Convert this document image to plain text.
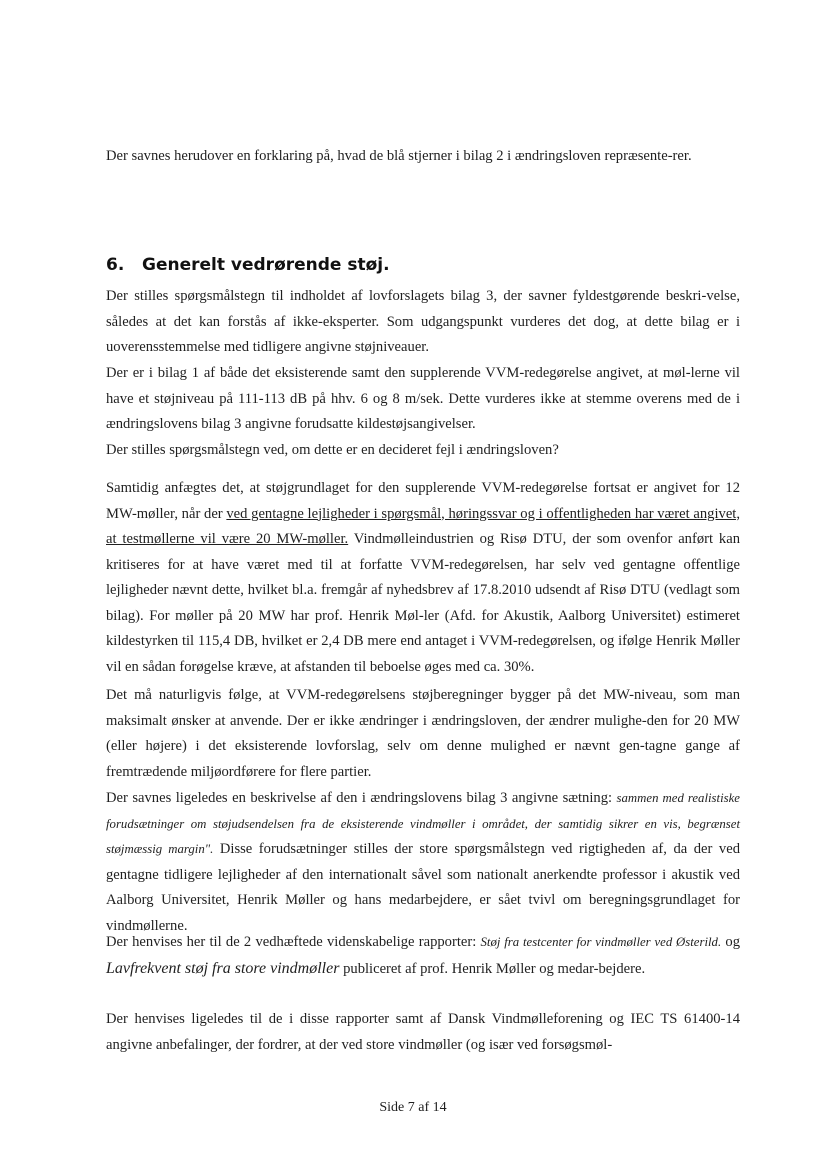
Der savnes herudover en forklaring på, hvad de blå stjerner i bilag 2 i ændringsloven repræsente-rer.

6. Generelt vedrørende støj.

Der stilles spørgsmålstegn til indholdet af lovforslagets bilag 3, der savner fyldestgørende beskri-velse, således at det kan forstås af ikke-eksperter. Som udgangspunkt vurderes det dog, at dette bilag er i uoverensstemmelse med tidligere angivne støjniveauer.

Der er i bilag 1 af både det eksisterende samt den supplerende VVM-redegørelse angivet, at møl-lerne vil have et støjniveau på 111-113 dB på hhv. 6 og 8 m/sek. Dette vurderes ikke at stemme overens med de i ændringslovens bilag 3 angivne forudsatte kildestøjsangivelser.

Der stilles spørgsmålstegn ved, om dette er en decideret fejl i ændringsloven?

Samtidig anfægtes det, at støjgrundlaget for den supplerende VVM-redegørelse fortsat er angivet for 12 MW-møller, når der ved gentagne lejligheder i spørgsmål, høringssvar og i offentligheden har været angivet, at testmøllerne vil være 20 MW-møller. Vindmølleindustrien og Risø DTU, der som ovenfor anført kan kritiseres for at have været med til at forfatte VVM-redegørelsen, har selv ved gentagne offentlige lejligheder nævnt dette, hvilket bl.a. fremgår af nyhedsbrev af 17.8.2010 udsendt af Risø DTU (vedlagt som bilag). For møller på 20 MW har prof. Henrik Møl-ler (Afd. for Akustik, Aalborg Universitet) estimeret kildestyrken til 115,4 DB, hvilket er 2,4 DB mere end antaget i VVM-redegørelsen, og ifølge Henrik Møller vil en sådan forøgelse kræve, at afstanden til beboelse øges med ca. 30%.

Det må naturligvis følge, at VVM-redegørelsens støjberegninger bygger på det MW-niveau, som man maksimalt ønsker at anvende. Der er ikke ændringer i ændringsloven, der ændrer mulighe-den for 20 MW (eller højere) i det eksisterende lovforslag, selv om denne mulighed er nævnt gen-tagne gange af fremtrædende miljøordførere for flere partier.

Der savnes ligeledes en beskrivelse af den i ændringslovens bilag 3 angivne sætning: sammen med realistiske forudsætninger om støjudsendelsen fra de eksisterende vindmøller i området, der samtidig sikrer en vis, begrænset støjmæssig margin". Disse forudsætninger stilles der store spørgsmålstegn ved rigtigheden af, da der ved gentagne tidligere lejligheder af den internationalt såvel som nationalt anerkendte professor i akustik ved Aalborg Universitet, Henrik Møller og hans medarbejdere, er sået tvivl om beregningsgrundlaget for vindmøllerne.

Der henvises her til de 2 vedhæftede videnskabelige rapporter: Støj fra testcenter for vindmøller ved Østerild. og Lavfrekvent støj fra store vindmøller publiceret af prof. Henrik Møller og medar-bejdere.

Der henvises ligeledes til de i disse rapporter samt af Dansk Vindmølleforening og IEC TS 61400-14 angivne anbefalinger, der fordrer, at der ved store vindmøller (og især ved forsøgsmøl-

Side 7 af 14
